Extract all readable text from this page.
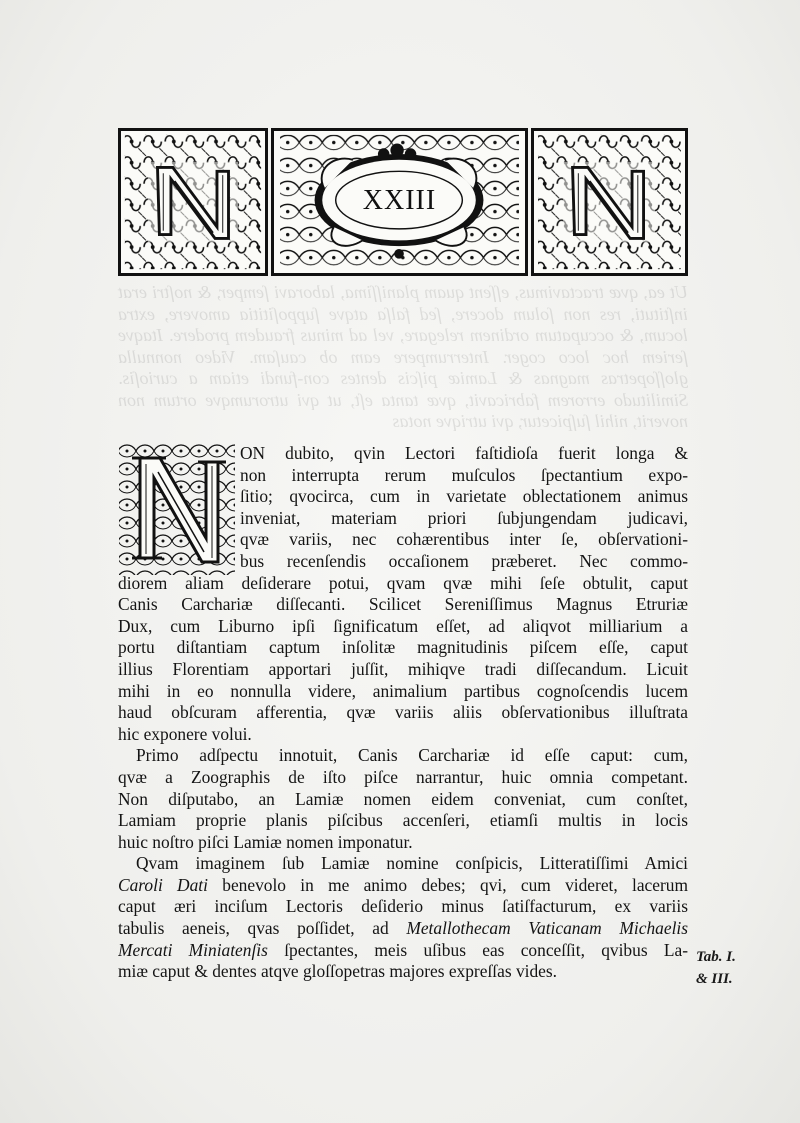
Ut ea, qvæ tractavimus, eſſent quam planiſſima, laboravi ſemper, & noſtri erat inſtituti, res non ſolum docere, ſed falſa atqve ſuppoſititia amovere, extra locum, & occupatum ordinem relegare, vel ad minus fraudem prodere. Itaqve ſeriem hoc loco coger. Interrumpere eam ob cauſam. Video nonnulla gloſſopetras magnas & Lamiæ piſcis dentes con-fundi etiam a curioſis. Similitudo errorem fabricavit, qvæ tanta eſt, ut qvi utrorumqve ortum non noverit, nihil ſuſpicetur, qvi utriqve notas

XXIII
ON dubito, qvin Lectori faſtidioſa fuerit longa &
non interrupta rerum muſculos ſpectantium expo-
ſitio; qvocirca, cum in varietate oblectationem animus
inveniat, materiam priori ſubjungendam judicavi,
qvæ variis, nec cohærentibus inter ſe, obſervationi-
bus recenſendis occaſionem præberet. Nec commo-
diorem aliam deſiderare potui, qvam qvæ mihi ſeſe obtulit, caput
Canis Carchariæ diſſecanti. Scilicet Sereniſſimus Magnus Etruriæ
Dux, cum Liburno ipſi ſignificatum eſſet, ad aliqvot milliarium a
portu diſtantiam captum inſolitæ magnitudinis piſcem eſſe, caput
illius Florentiam apportari juſſit, mihiqve tradi diſſecandum. Licuit
mihi in eo nonnulla videre, animalium partibus cognoſcendis lucem
haud obſcuram afferentia, qvæ variis aliis obſervationibus illuſtrata
hic exponere volui.
Primo adſpectu innotuit, Canis Carchariæ id eſſe caput: cum,
qvæ a Zoographis de iſto piſce narrantur, huic omnia competant.
Non diſputabo, an Lamiæ nomen eidem conveniat, cum conſtet,
Lamiam proprie planis piſcibus accenſeri, etiamſi multis in locis
huic noſtro piſci Lamiæ nomen imponatur.
Qvam imaginem ſub Lamiæ nomine conſpicis, Litteratiſſimi Amici
Caroli Dati benevolo in me animo debes; qvi, cum videret, lacerum
caput æri inciſum Lectoris deſiderio minus ſatiſfacturum, ex variis
tabulis aeneis, qvas poſſidet, ad Metallothecam Vaticanam Michaelis
Mercati Miniatenſis ſpectantes, meis uſibus eas conceſſit, qvibus La-
miæ caput & dentes atqve gloſſopetras majores expreſſas vides.
Tab. I.
& III.
